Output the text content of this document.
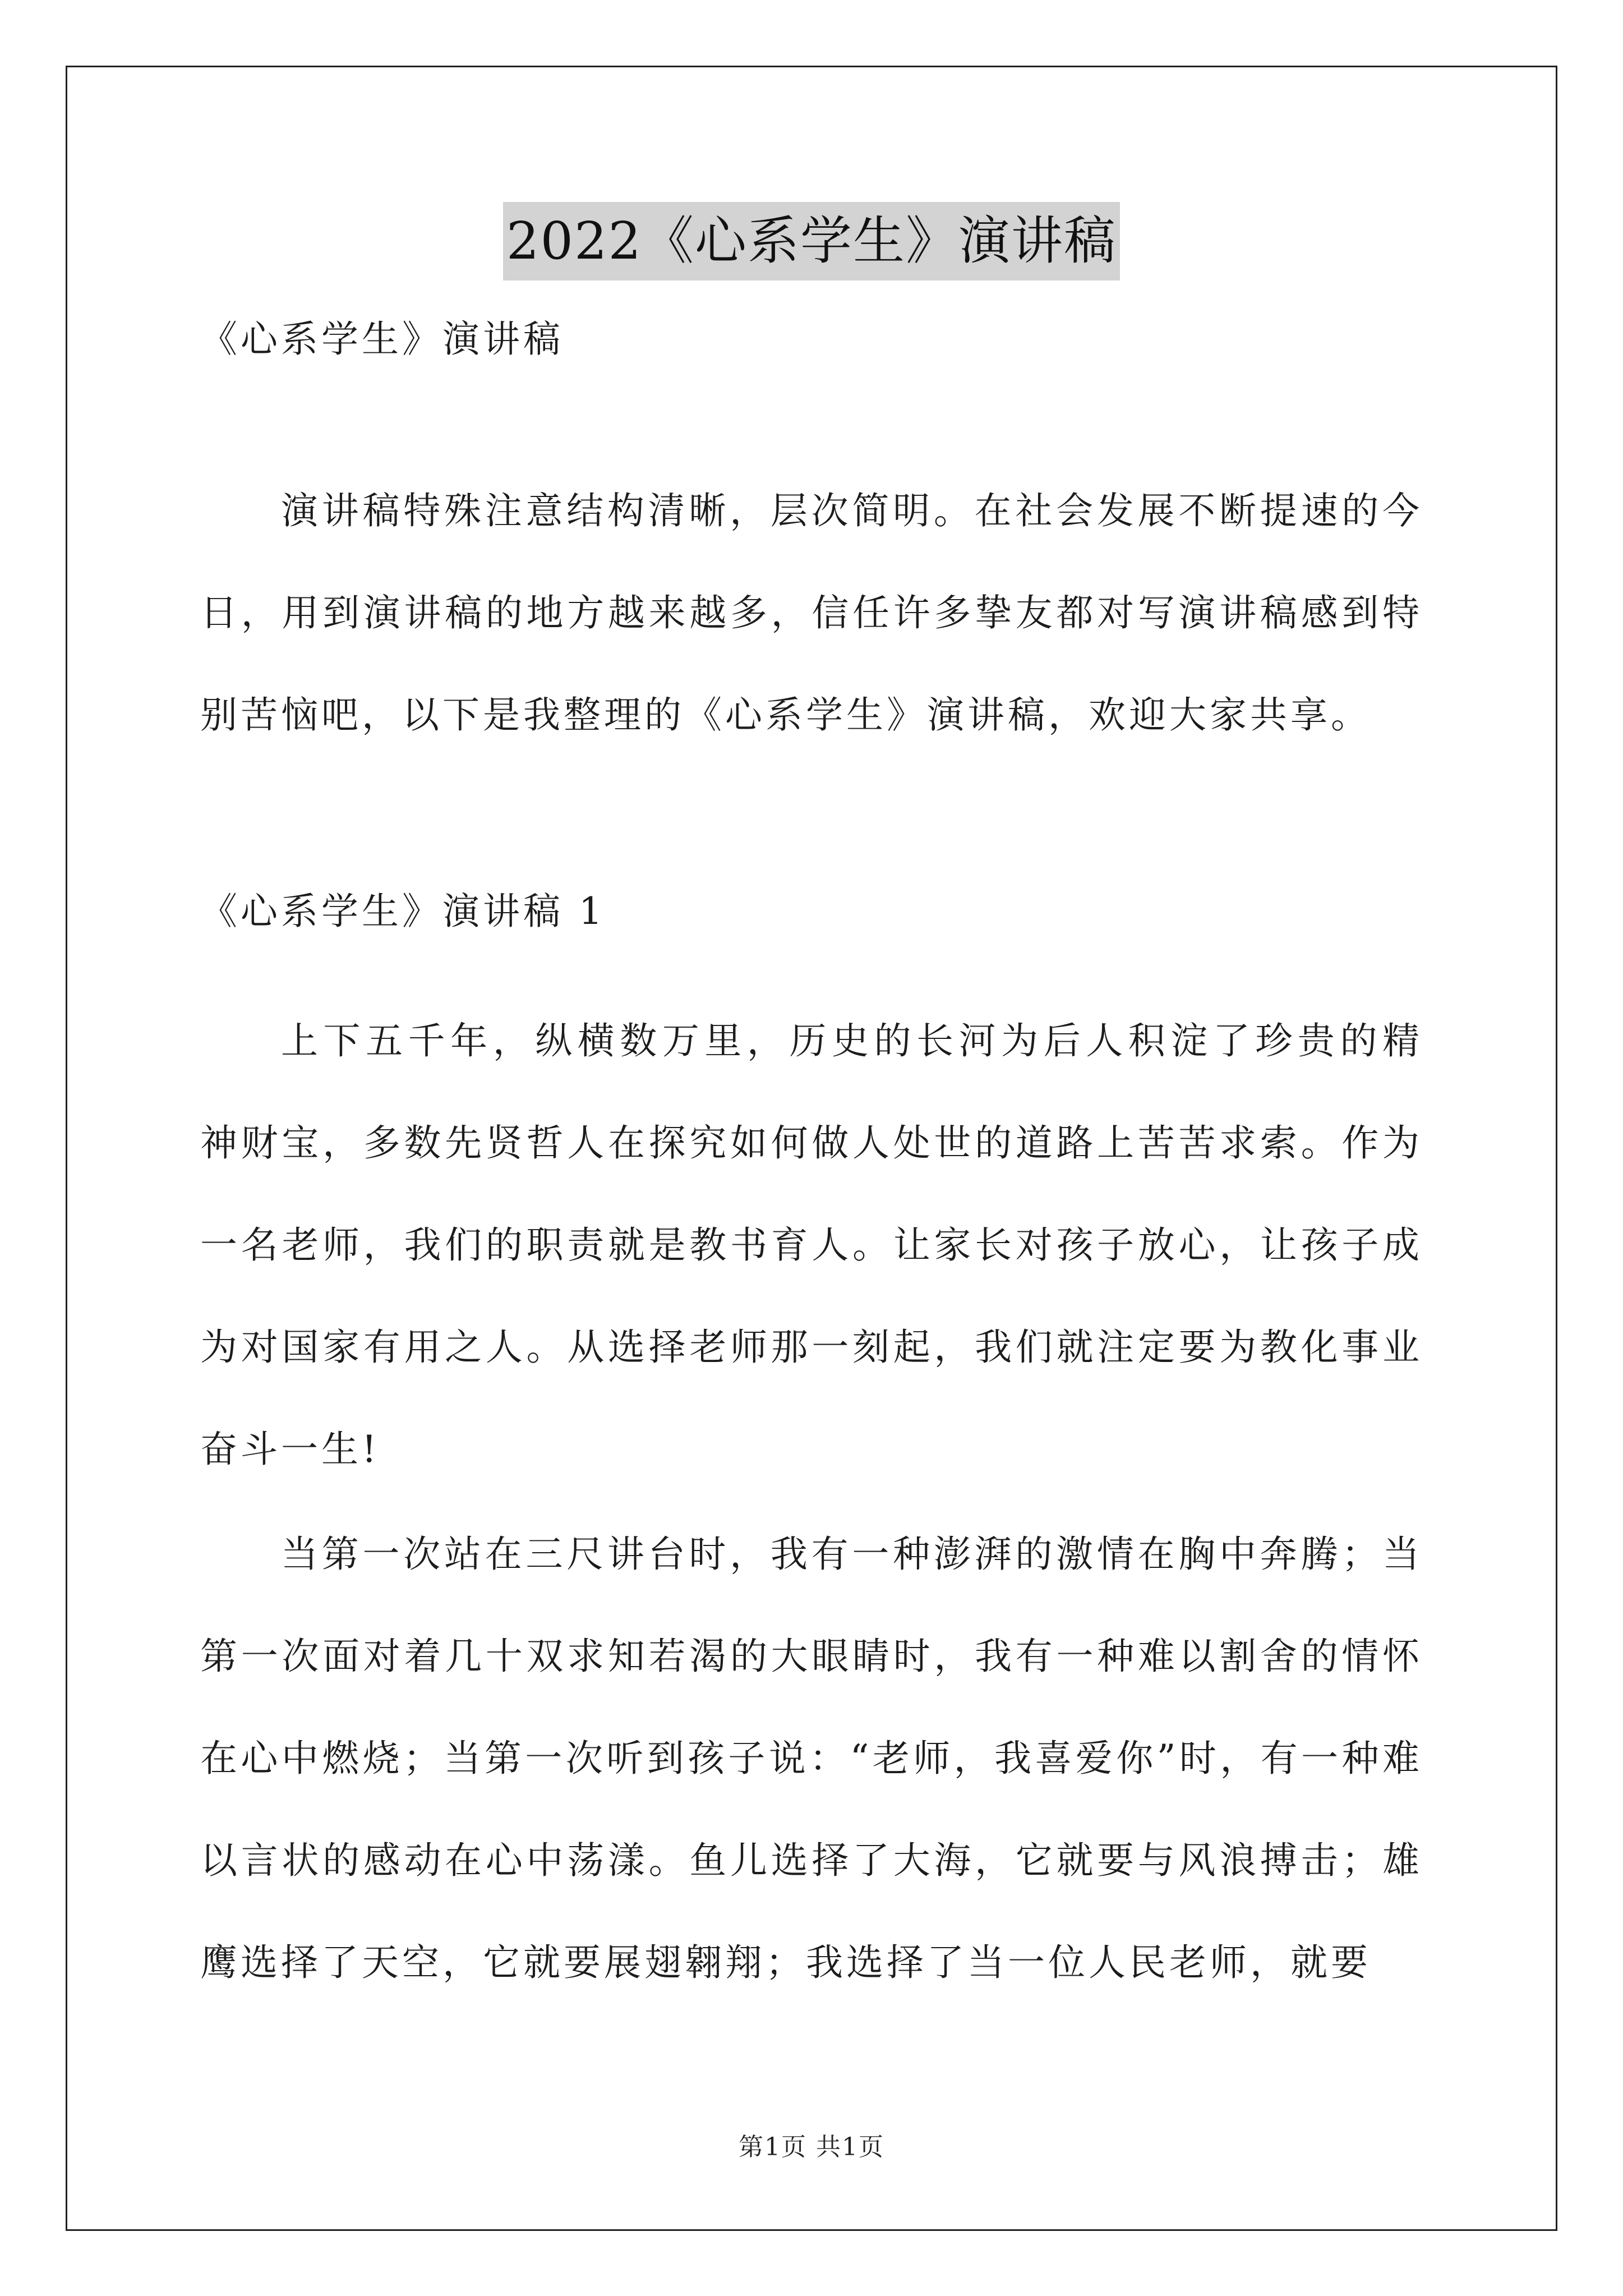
2022《心系学生》演讲稿
《心系学生》演讲稿
演讲稿特殊注意结构清晰，层次简明。在社会发展不断提速的今日，用到演讲稿的地方越来越多，信任许多挚友都对写演讲稿感到特别苦恼吧，以下是我整理的《心系学生》演讲稿，欢迎大家共享。
《心系学生》演讲稿 1
上下五千年，纵横数万里，历史的长河为后人积淀了珍贵的精 神财宝，多数先贤哲人在探究如何做人处世的道路上苦苦求索。作为一名老师，我们的职责就是教书育人。让家长对孩子放心，让孩子成为对国家有用之人。从选择老师那一刻起，我们就注定要为教化事业奋斗一生!
当第一次站在三尺讲台时，我有一种澎湃的激情在胸中奔腾；当第一次面对着几十双求知若渴的大眼睛时，我有一种难以割舍的情怀在心中燃烧；当第一次听到孩子说：“老师，我喜爱你”时，有一种难以言状的感动在心中荡漾。鱼儿选择了大海，它就要与风浪搏击；雄鹰选择了天空，它就要展翅翱翔；我选择了当一位人民老师，就要
第1页 共1页
